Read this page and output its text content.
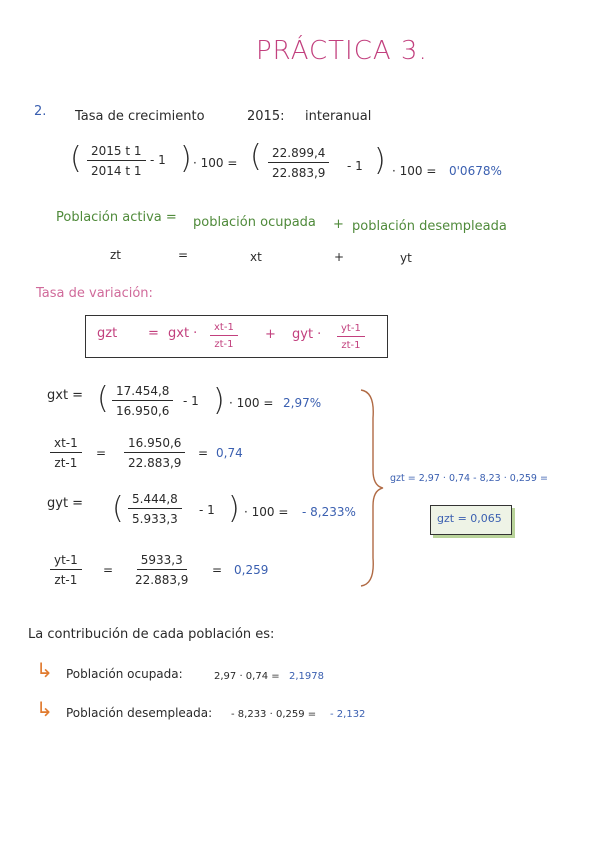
PRÁCTICA 3.
2. Tasa de crecimiento	2015: interanual
( $\frac{2015 t 1}{2014 t 1} - 1$ ) · 100 = ( $\frac{22.899,4}{22.883,9} - 1$ ) · 100 = 0'0678%
Población activa = población ocupada + población desempleada
zt	=	xt	+	yt
Tasa de variación:
gzt = gxt · $\frac{xt-1}{zt-1}$ + gyt · $\frac{yt-1}{zt-1}$
gxt = ( $\frac{17.454,8}{16.950,6} - 1$ ) · 100 = 2,97%
$\frac{xt-1}{zt-1} = \frac{16.950,6}{22.883,9} = 0,74$
gyt = ( $\frac{5.444,8}{5.933,3} - 1$ ) · 100 = - 8,233%
$\frac{yt-1}{zt-1} = \frac{5933,3}{22.883,9} = 0,259$
gzt = 2,97 · 0,74 - 8,23 · 0,259 =
gzt = 0,065
La contribución de cada población es:
↳ Población ocupada:	2,97 · 0,74 = 2,1978
↳ Población desempleada: - 8,233 · 0,259 = - 2,132
